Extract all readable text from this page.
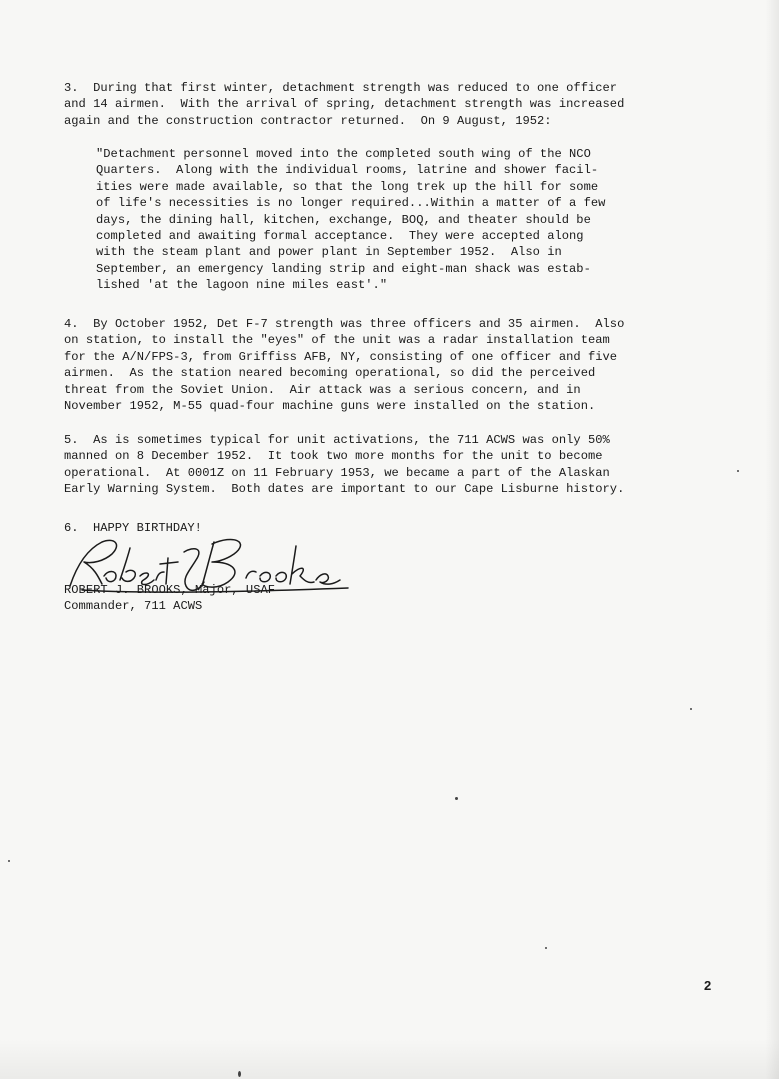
3.  During that first winter, detachment strength was reduced to one officer
and 14 airmen.  With the arrival of spring, detachment strength was increased
again and the construction contractor returned.  On 9 August, 1952:
"Detachment personnel moved into the completed south wing of the NCO
Quarters.  Along with the individual rooms, latrine and shower facil-
ities were made available, so that the long trek up the hill for some
of life's necessities is no longer required...Within a matter of a few
days, the dining hall, kitchen, exchange, BOQ, and theater should be
completed and awaiting formal acceptance.  They were accepted along
with the steam plant and power plant in September 1952.  Also in
September, an emergency landing strip and eight-man shack was estab-
lished 'at the lagoon nine miles east'."
4.  By October 1952, Det F-7 strength was three officers and 35 airmen.  Also
on station, to install the "eyes" of the unit was a radar installation team
for the A/N/FPS-3, from Griffiss AFB, NY, consisting of one officer and five
airmen.  As the station neared becoming operational, so did the perceived
threat from the Soviet Union.  Air attack was a serious concern, and in
November 1952, M-55 quad-four machine guns were installed on the station.
5.  As is sometimes typical for unit activations, the 711 ACWS was only 50%
manned on 8 December 1952.  It took two more months for the unit to become
operational.  At 0001Z on 11 February 1953, we became a part of the Alaskan
Early Warning System.  Both dates are important to our Cape Lisburne history.
6.  HAPPY BIRTHDAY!
ROBERT J. BROOKS, Major, USAF
Commander, 711 ACWS
2
